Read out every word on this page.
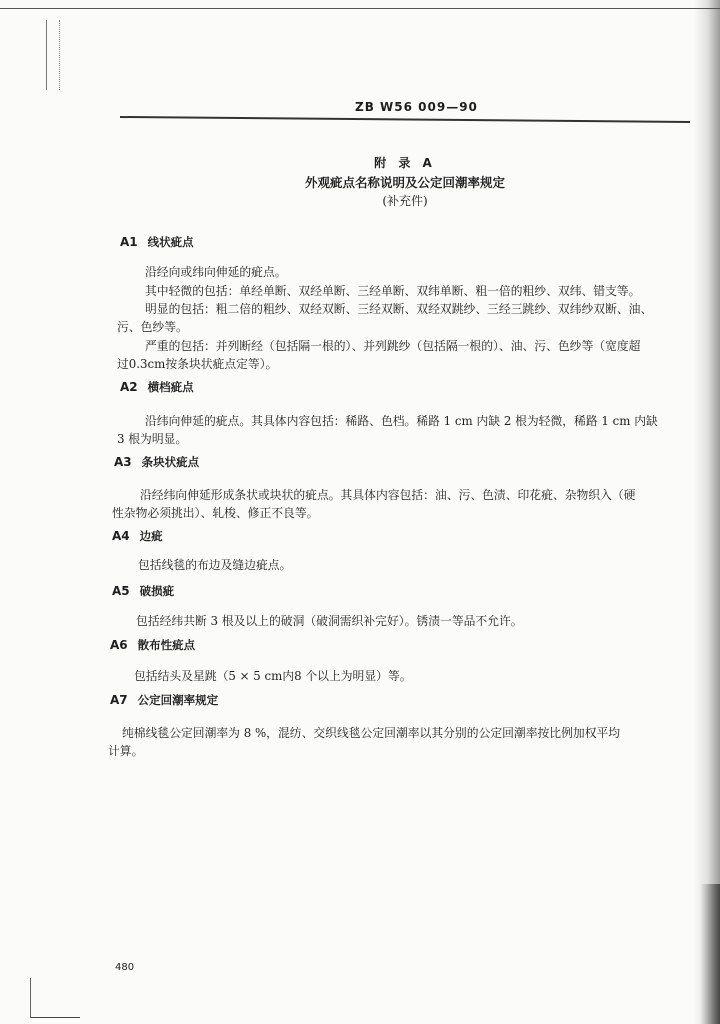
ZB W56 009—90
附 录 A
外观疵点名称说明及公定回潮率规定
(补充件)
A1 线状疵点
沿经向或纬向伸延的疵点。
其中轻微的包括：单经单断、双经单断、三经单断、双纬单断、粗一倍的粗纱、双纬、错支等。
明显的包括：粗二倍的粗纱、双经双断、三经双断、双经双跳纱、三经三跳纱、双纬纱双断、油、
污、色纱等。
严重的包括：并列断经（包括隔一根的）、并列跳纱（包括隔一根的）、油、污、色纱等（宽度超
过0.3cm按条块状疵点定等）。
A2 横档疵点
沿纬向伸延的疵点。其具体内容包括：稀路、色档。稀路 1 cm 内缺 2 根为轻微，稀路 1 cm 内缺
3 根为明显。
A3 条块状疵点
沿经纬向伸延形成条状或块状的疵点。其具体内容包括：油、污、色渍、印花疵、杂物织入（硬
性杂物必须挑出）、轧梭、修正不良等。
A4 边疵
包括线毯的布边及缝边疵点。
A5 破损疵
包括经纬共断 3 根及以上的破洞（破洞需织补完好）。锈渍一等品不允许。
A6 散布性疵点
包括结头及星跳（5 × 5 cm内8 个以上为明显）等。
A7 公定回潮率规定
纯棉线毯公定回潮率为 8 %，混纺、交织线毯公定回潮率以其分别的公定回潮率按比例加权平均
计算。
480
